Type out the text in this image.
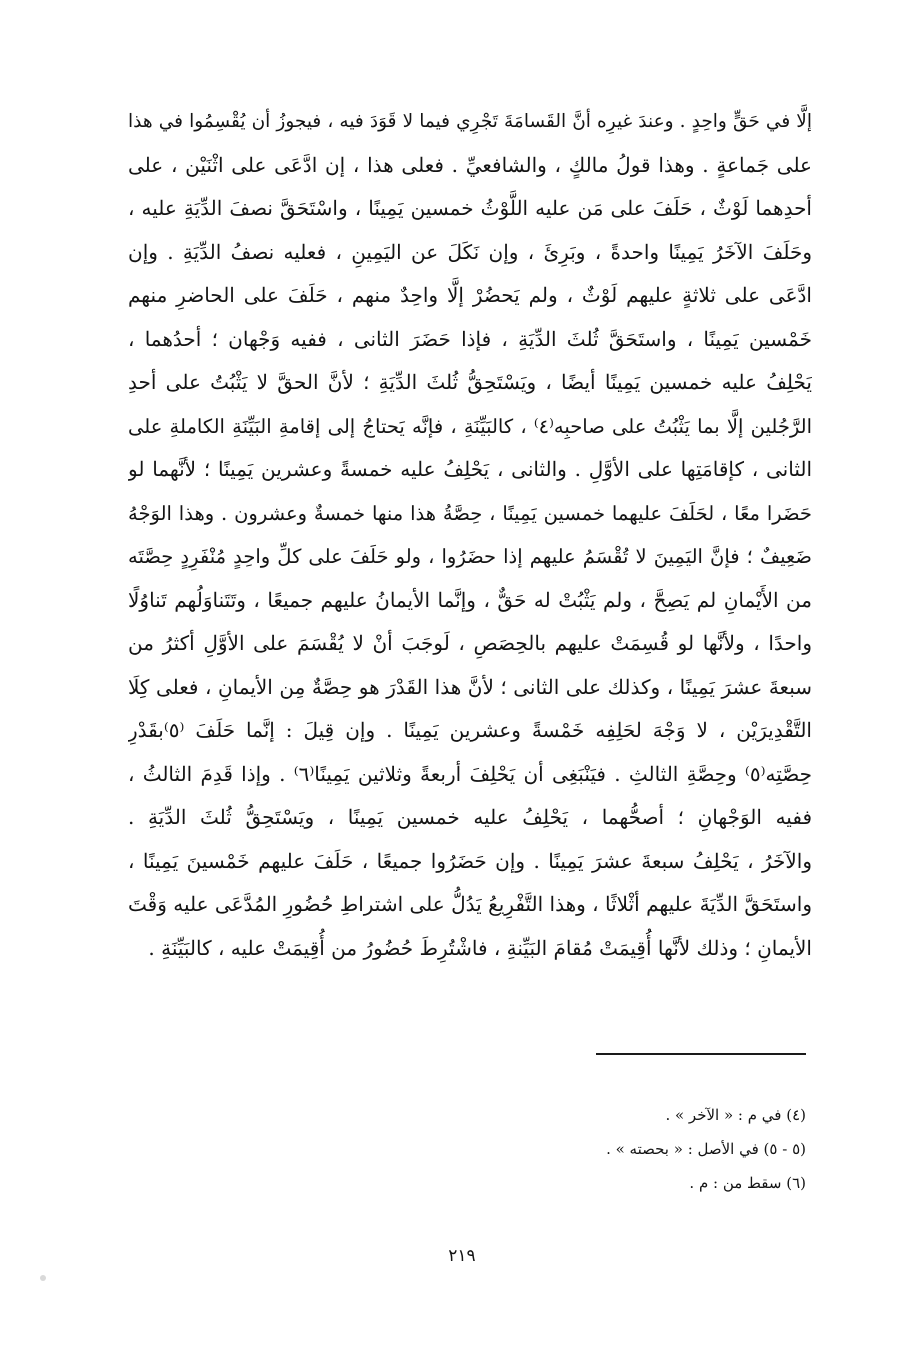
إلَّا في حَقٍّ واحِدٍ . وعندَ غيرِه أنَّ القَسامَةَ تَجْرِي فيما لا قَوَدَ فيه ، فيجوزُ أن يُقْسِمُوا في هذا
على جَماعةٍ . وهذا قولُ مالكٍ ، والشافعيِّ . فعلى هذا ، إن ادَّعَى على اثْنَيْن ، على
أحدِهما لَوْثٌ ، حَلَفَ على مَن عليه اللَّوْثُ خمسين يَمِينًا ، واسْتَحَقَّ نصفَ الدِّيَةِ عليه ،
وحَلَفَ الآخَرُ يَمِينًا واحدةً ، وبَرِئَ ، وإن نَكَلَ عن اليَمِينِ ، فعليه نصفُ الدِّيَةِ . وإن
ادَّعَى على ثلاثةٍ عليهم لَوْثٌ ، ولم يَحضُرْ إلَّا واحِدٌ منهم ، حَلَفَ على الحاضرِ منهم
خَمْسين يَمِينًا ، واستَحَقَّ ثُلثَ الدِّيَةِ ، فإذا حَضَرَ الثانى ، ففيه وَجْهان ؛ أحدُهما ،
يَحْلِفُ عليه خمسين يَمِينًا أيضًا ، ويَسْتَحِقُّ ثُلثَ الدِّيَةِ ؛ لأنَّ الحقَّ لا يَثْبُتُ على أحدِ
الرَّجُلين إلَّا بما يَثْبُتُ على صاحبِه⁽٤⁾ ، كالبَيِّنَةِ ، فإنَّه يَحتاجُ إلى إقامةِ البَيِّنَةِ الكاملةِ على
الثانى ، كإقامَتِها على الأوَّلِ . والثانى ، يَحْلِفُ عليه خمسةً وعشرين يَمِينًا ؛ لأنَّهما لو
حَضَرا معًا ، لحَلَفَ عليهما خمسين يَمِينًا ، حِصَّةُ هذا منها خمسةٌ وعشرون . وهذا الوَجْهُ
ضَعِيفٌ ؛ فإنَّ اليَمِينَ لا تُقْسَمُ عليهم إذا حضَرُوا ، ولو حَلَفَ على كلِّ واحِدٍ مُنْفَرِدٍ حِصَّتَه
من الأَيْمانِ لم يَصِحَّ ، ولم يَثْبُتْ له حَقٌّ ، وإنَّما الأيمانُ عليهم جميعًا ، وتَتَناوَلُهم تَناوُلًا
واحدًا ، ولأنَّها لو قُسِمَتْ عليهم بالحِصَصِ ، لَوجَبَ أنْ لا يُقْسَمَ على الأوَّلِ أكثرُ من
سبعةَ عشرَ يَمِينًا ، وكذلك على الثانى ؛ لأنَّ هذا القَدْرَ هو حِصَّةٌ مِن الأيمانِ ، فعلى كِلَا
التَّقْدِيرَيْن ، لا وَجْهَ لحَلِفِه خَمْسةً وعشرين يَمِينًا . وإن قِيلَ : إنَّما حَلَفَ ⁽٥⁾بقَدْرِ
حِصَّتِه⁽٥⁾ وحِصَّةِ الثالثِ . فيَنْبَغِى أن يَحْلِفَ أربعةً وثلاثين يَمِينًا⁽٦⁾ . وإذا قَدِمَ الثالثُ ،
ففيه الوَجْهانِ ؛ أصحُّهما ، يَحْلِفُ عليه خمسين يَمِينًا ، ويَسْتَحِقُّ ثُلثَ الدِّيَةِ .
والآخَرُ ، يَحْلِفُ سبعةَ عشرَ يَمِينًا . وإن حَضَرُوا جميعًا ، حَلَفَ عليهم خَمْسينَ يَمِينًا ،
واستَحَقَّ الدِّيَةَ عليهم أثْلاثًا ، وهذا التَّفْرِيعُ يَدُلُّ على اشتراطِ حُضُورِ المُدَّعَى عليه وَقْتَ
الأيمانِ ؛ وذلك لأنَّها أُقِيمَتْ مُقامَ البَيِّنةِ ، فاشْتُرِطَ حُضُورُ من أُقِيمَتْ عليه ، كالبَيِّنَةِ .
(٤) في م : « الآخر » .
(٥ - ٥) في الأصل : « بحصته » .
(٦) سقط من : م .
٢١٩
